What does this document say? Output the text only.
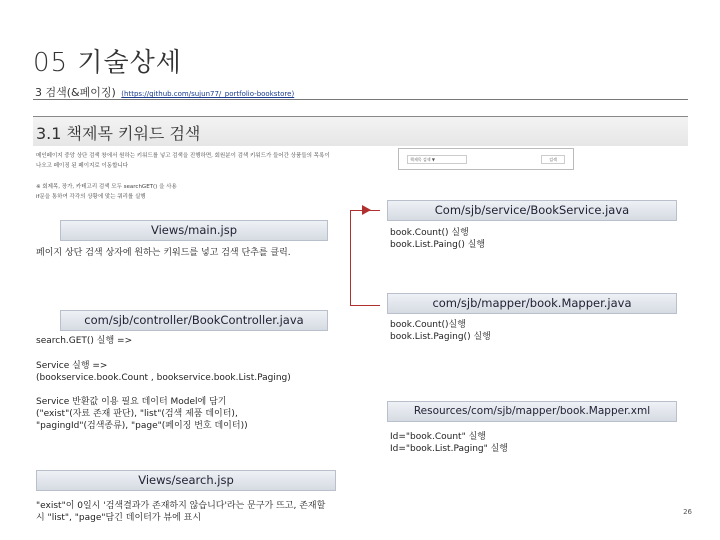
05 기술상세
3 검색(&페이징) (https://github.com/sujun77/_portfolio-bookstore)
3.1 책제목 키워드 검색
메인페이지 중앙 상단 검색 창에서 원하는 키워드를 넣고 검색을 진행하면, 회원분이 검색 키워드가 들어간 상품들의 목록이 나오고 페이징 된 페이지로 이동합니다
※ 회제목, 장가, 카테고리 검색 모두 searchGET() 을 사용
if문을 통하여 각각의 상황에 맞는 쿼리를 실행
책제목 검색 ▼	검색
Views/main.jsp
페이지 상단 검색 상자에 원하는 키워드를 넣고 검색 단추를 클릭.
com/sjb/controller/BookController.java
search.GET() 실행 =>
Service 실행 =>
(bookservice.book.Count , bookservice.book.List.Paging)
Service 반환값 이용 필요 데이터 Model에 담기
("exist"(자료 존재 판단), "list"(검색 제품 데이터),
"pagingId"(검색종류), "page"(페이징 번호 데이터))
Views/search.jsp
"exist"이 0일시 '검색결과가 존재하지 않습니다'라는 문구가 뜨고, 존재할 시 "list", "page"담긴 데이터가 뷰에 표시
Com/sjb/service/BookService.java
book.Count() 실행
book.List.Paing() 실행
com/sjb/mapper/book.Mapper.java
book.Count()실행
book.List.Paging() 실행
Resources/com/sjb/mapper/book.Mapper.xml
Id="book.Count" 실행
Id="book.List.Paging" 실행
26
